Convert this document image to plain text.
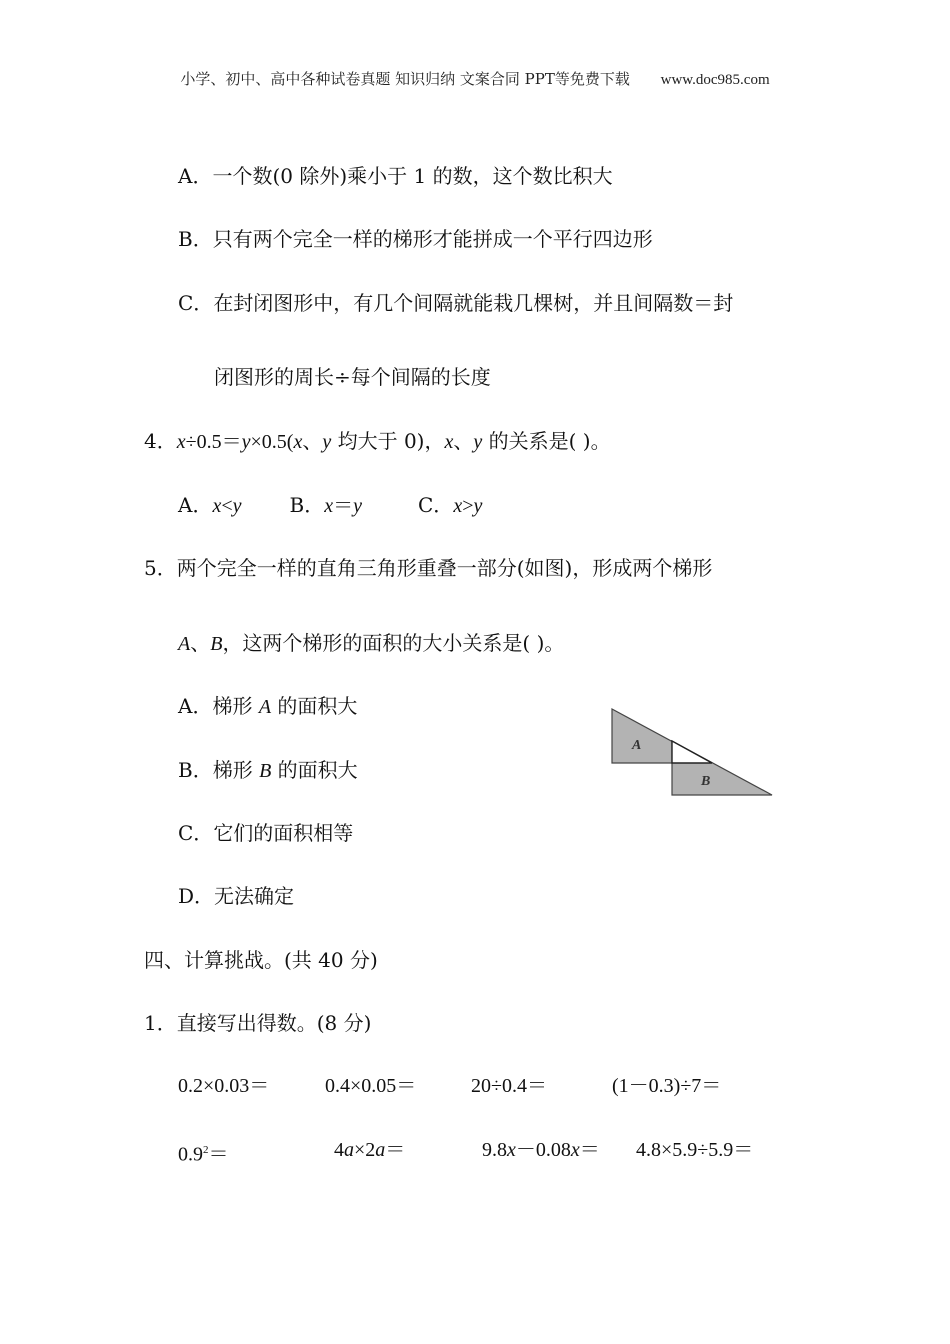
小学、初中、高中各种试卷真题 知识归纳 文案合同 PPT等免费下载 www.doc985.com
A．一个数(0 除外)乘小于 1 的数，这个数比积大
B．只有两个完全一样的梯形才能拼成一个平行四边形
C．在封闭图形中，有几个间隔就能栽几棵树，并且间隔数＝封
闭图形的周长÷每个间隔的长度
4．x÷0.5＝y×0.5(x、y 均大于 0)，x、y 的关系是( )。
A．x<y B．x＝y	C．x>y
5．两个完全一样的直角三角形重叠一部分(如图)，形成两个梯形
A、B，这两个梯形的面积的大小关系是( )。
A．梯形 A 的面积大
B．梯形 B 的面积大
C．它们的面积相等
D．无法确定
A
B
四、计算挑战。(共 40 分)
1．直接写出得数。(8 分)
0.2×0.03＝	0.4×0.05＝	20÷0.4＝	(1－0.3)÷7＝
$0.9^2=$	4a×2a＝	9.8x－0.08x＝ 4.8×5.9÷5.9＝
